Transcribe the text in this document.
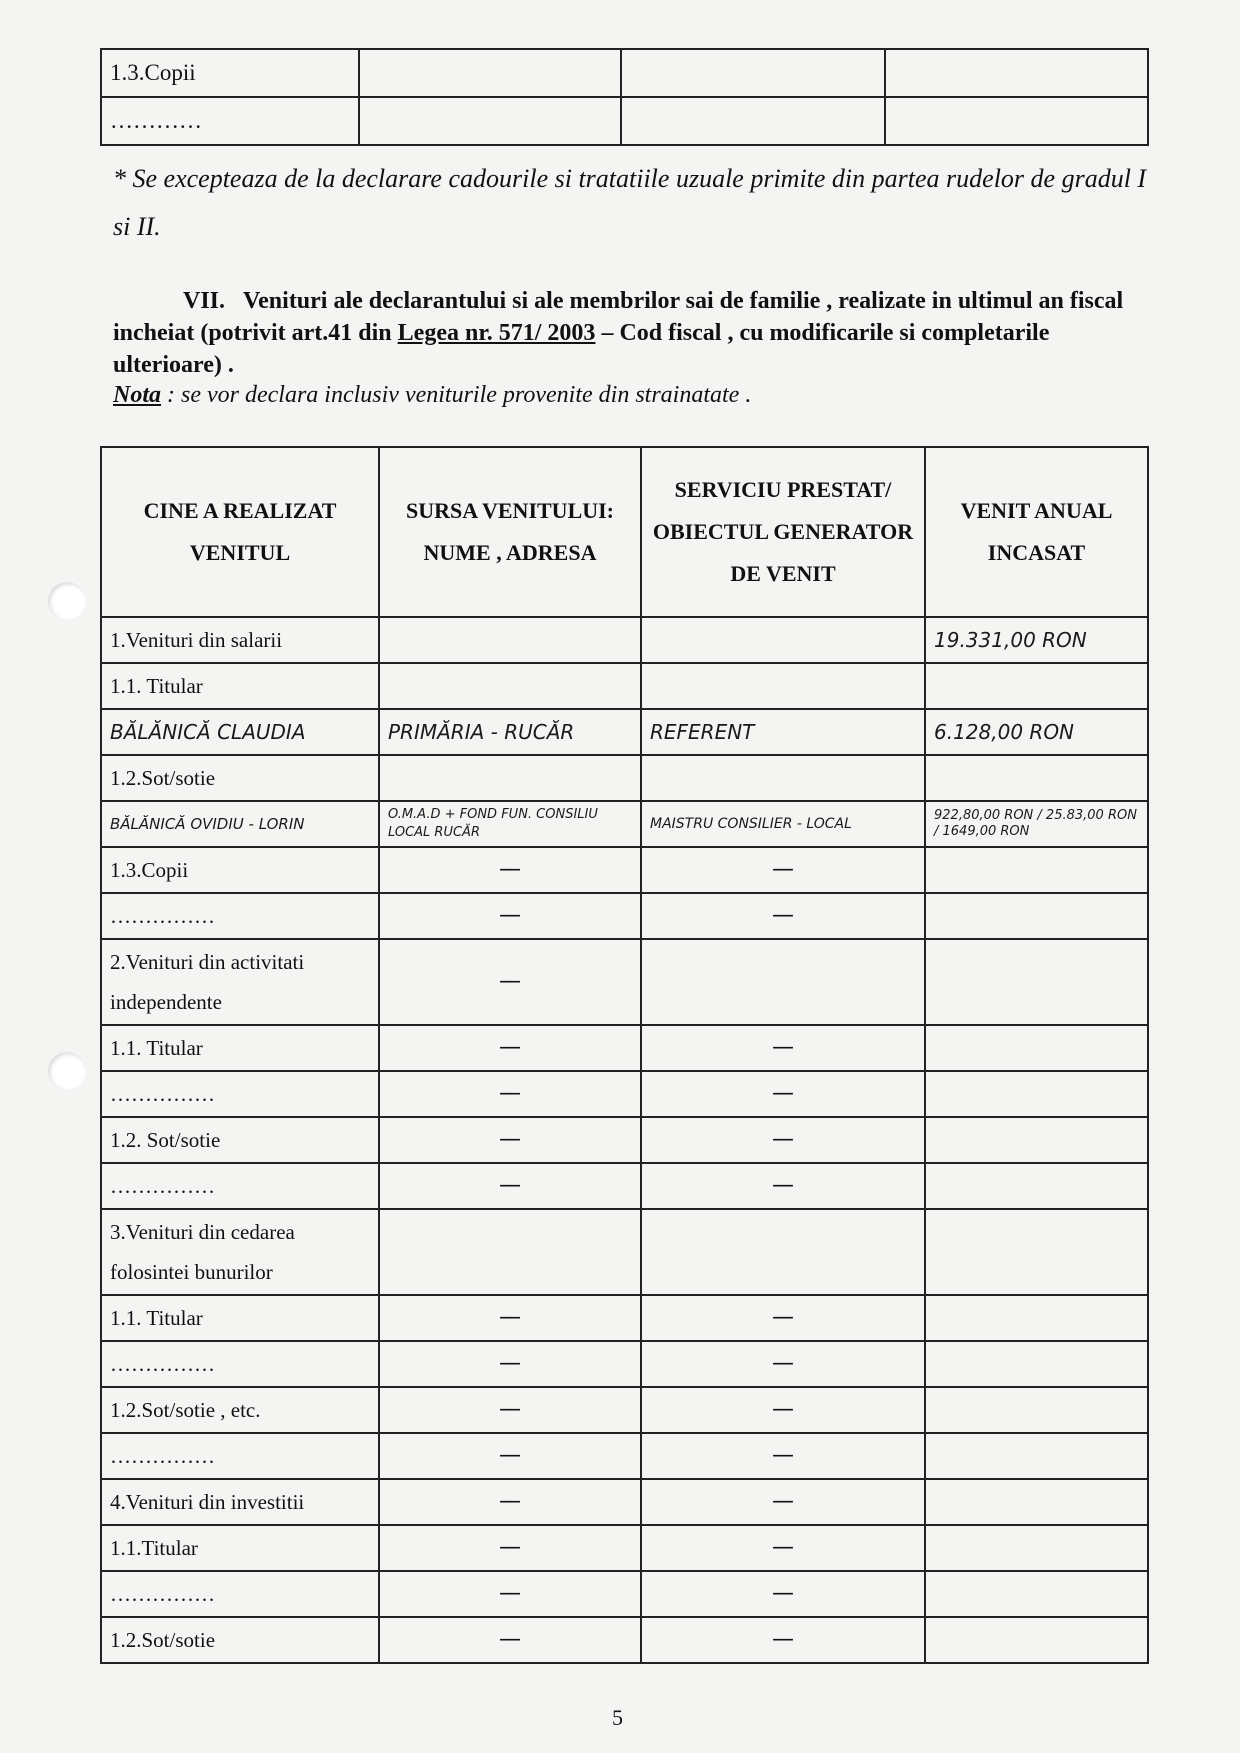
1.3.Copii			
…………			
* Se excepteaza de la declarare cadourile si tratatiile uzuale primite din partea rudelor de gradul I si II.
VII. Venituri ale declarantului si ale membrilor sai de familie , realizate in ultimul an fiscal incheiat (potrivit art.41 din Legea nr. 571/ 2003 – Cod fiscal , cu modificarile si completarile ulterioare) .
Nota : se vor declara inclusiv veniturile provenite din strainatate .
CINE A REALIZAT VENITUL	SURSA VENITULUI: NUME , ADRESA	SERVICIU PRESTAT/ OBIECTUL GENERATOR DE VENIT	VENIT ANUAL INCASAT
1.Venituri din salarii			19.331,00 RON
1.1. Titular			
BĂLĂNICĂ CLAUDIA	PRIMĂRIA - RUCĂR	REFERENT	6.128,00 RON
1.2.Sot/sotie			
BĂLĂNICĂ OVIDIU - LORIN	O.M.A.D + FOND FUN. CONSILIU LOCAL RUCĂR	MAISTRU CONSILIER - LOCAL	922,80,00 RON / 25.83,00 RON / 1649,00 RON
1.3.Copii	—	—	
……………	—	—	
2.Venituri din activitati independente	—		
1.1. Titular	—	—	
……………	—	—	
1.2. Sot/sotie	—	—	
……………	—	—	
3.Venituri din cedarea folosintei bunurilor			
1.1. Titular	—	—	
……………	—	—	
1.2.Sot/sotie , etc.	—	—	
……………	—	—	
4.Venituri din investitii	—	—	
1.1.Titular	—	—	
……………	—	—	
1.2.Sot/sotie	—	—	
5
